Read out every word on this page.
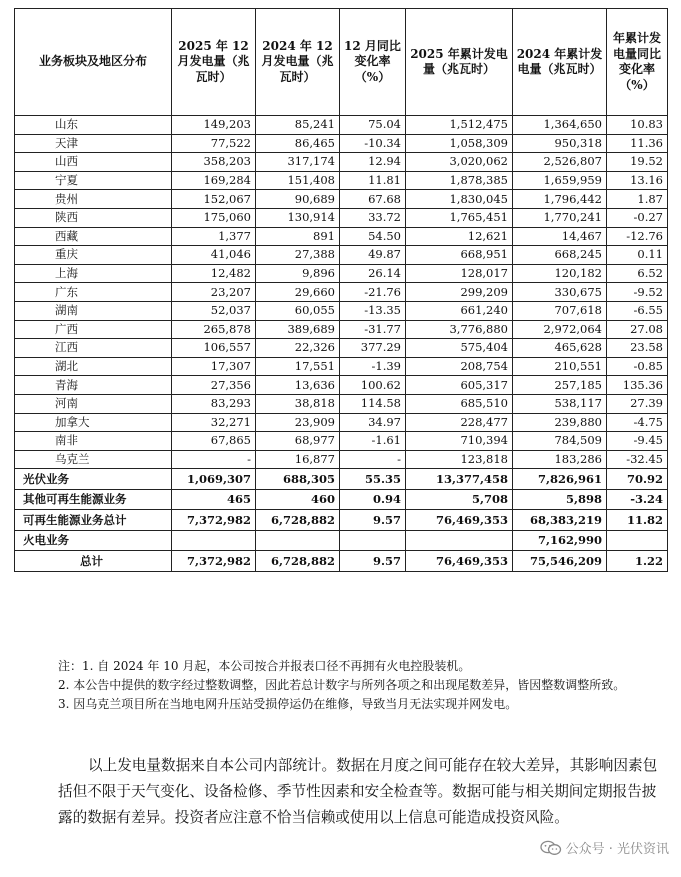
业务板块及地区分布	2025 年 12 月发电量（兆瓦时）	2024 年 12 月发电量（兆瓦时）	12 月同比变化率（%）	2025 年累计发电量（兆瓦时）	2024 年累计发电量（兆瓦时）	年累计发电量同比变化率（%）
山东	149,203	85,241	75.04	1,512,475	1,364,650	10.83
天津	77,522	86,465	-10.34	1,058,309	950,318	11.36
山西	358,203	317,174	12.94	3,020,062	2,526,807	19.52
宁夏	169,284	151,408	11.81	1,878,385	1,659,959	13.16
贵州	152,067	90,689	67.68	1,830,045	1,796,442	1.87
陕西	175,060	130,914	33.72	1,765,451	1,770,241	-0.27
西藏	1,377	891	54.50	12,621	14,467	-12.76
重庆	41,046	27,388	49.87	668,951	668,245	0.11
上海	12,482	9,896	26.14	128,017	120,182	6.52
广东	23,207	29,660	-21.76	299,209	330,675	-9.52
湖南	52,037	60,055	-13.35	661,240	707,618	-6.55
广西	265,878	389,689	-31.77	3,776,880	2,972,064	27.08
江西	106,557	22,326	377.29	575,404	465,628	23.58
湖北	17,307	17,551	-1.39	208,754	210,551	-0.85
青海	27,356	13,636	100.62	605,317	257,185	135.36
河南	83,293	38,818	114.58	685,510	538,117	27.39
加拿大	32,271	23,909	34.97	228,477	239,880	-4.75
南非	67,865	68,977	-1.61	710,394	784,509	-9.45
乌克兰	-	16,877	-	123,818	183,286	-32.45
光伏业务	1,069,307	688,305	55.35	13,377,458	7,826,961	70.92
其他可再生能源业务	465	460	0.94	5,708	5,898	-3.24
可再生能源业务总计	7,372,982	6,728,882	9.57	76,469,353	68,383,219	11.82
火电业务					7,162,990	
总计	7,372,982	6,728,882	9.57	76,469,353	75,546,209	1.22

注：1. 自 2024 年 10 月起，本公司按合并报表口径不再拥有火电控股装机。

2. 本公告中提供的数字经过整数调整，因此若总计数字与所列各项之和出现尾数差异，皆因整数调整所致。

3. 因乌克兰项目所在当地电网升压站受损停运仍在维修，导致当月无法实现并网发电。

以上发电量数据来自本公司内部统计。数据在月度之间可能存在较大差异，其影响因素包括但不限于天气变化、设备检修、季节性因素和安全检查等。数据可能与相关期间定期报告披露的数据有差异。投资者应注意不恰当信赖或使用以上信息可能造成投资风险。

公众号 · 光伏资讯
